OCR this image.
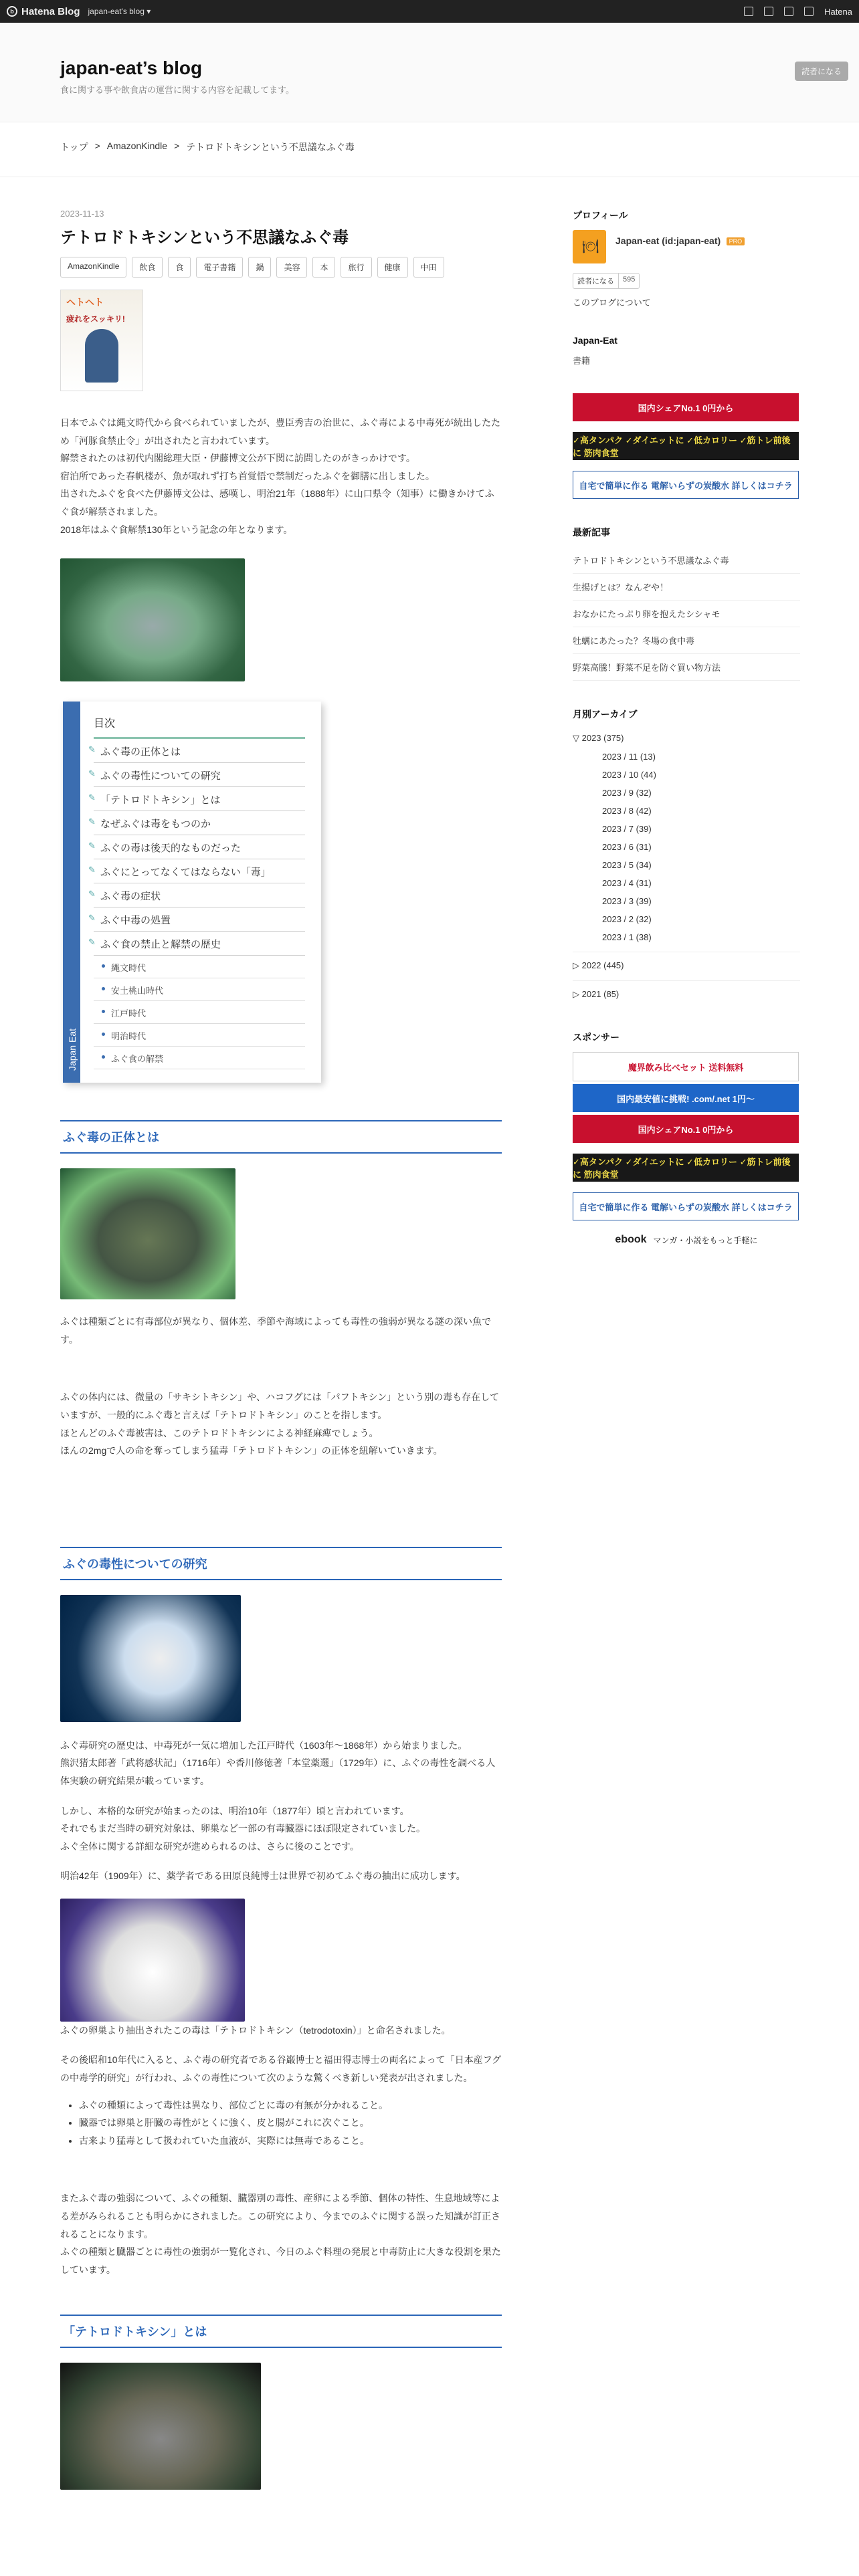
b Hatena Blog japan-eat's blog ▾	Hatena
japan-eat’s blog
食に関する事や飲食店の運営に関する内容を記載してます。
読者になる
トップ > AmazonKindle > テトロドトキシンという不思議なふぐ毒
2023-11-13
テトロドトキシンという不思議なふぐ毒
AmazonKindle	飲食	食	電子書籍	鍋	美容	本	旅行	健康	中田
ヘトヘト
疲れをスッキリ!

日本でふぐは縄文時代から食べられていましたが、豊臣秀吉の治世に、ふぐ毒による中毒死が続出したため「河豚食禁止令」が出されたと言われています。

解禁されたのは初代内閣総理大臣・伊藤博文公が下関に訪問したのがきっかけです。

宿泊所であった春帆楼が、魚が取れず打ち首覚悟で禁制だったふぐを御膳に出しました。

出されたふぐを食べた伊藤博文公は、感嘆し、明治21年（1888年）に山口県令（知事）に働きかけてふぐ食が解禁されました。

2018年はふぐ食解禁130年という記念の年となります。

Japan Eat
目次
✎ ふぐ毒の正体とは
✎ ふぐの毒性についての研究
✎ 「テトロドトキシン」とは
✎ なぜふぐは毒をもつのか
✎ ふぐの毒は後天的なものだった
✎ ふぐにとってなくてはならない「毒」
✎ ふぐ毒の症状
✎ ふぐ中毒の処置
✎ ふぐ食の禁止と解禁の歴史
縄文時代
安土桃山時代
江戸時代
明治時代
ふぐ食の解禁
ふぐ毒の正体とは

ふぐは種類ごとに有毒部位が異なり、個体差、季節や海域によっても毒性の強弱が異なる謎の深い魚です。

ふぐの体内には、微量の「サキシトキシン」や、ハコフグには「パフトキシン」という別の毒も存在していますが、一般的にふぐ毒と言えば「テトロドトキシン」のことを指します。

ほとんどのふぐ毒被害は、このテトロドトキシンによる神経麻痺でしょう。

ほんの2mgで人の命を奪ってしまう猛毒「テトロドトキシン」の正体を紐解いていきます。

ふぐの毒性についての研究

ふぐ毒研究の歴史は、中毒死が一気に増加した江戸時代（1603年〜1868年）から始まりました。

熊沢猪太郎著「武将感状記」（1716年）や香川修徳著「本堂薬選」（1729年）に、ふぐの毒性を調べる人体実験の研究結果が載っています。

しかし、本格的な研究が始まったのは、明治10年（1877年）頃と言われています。

それでもまだ当時の研究対象は、卵巣など一部の有毒臓器にほぼ限定されていました。

ふぐ全体に関する詳細な研究が進められるのは、さらに後のことです。

明治42年（1909年）に、薬学者である田原良純博士は世界で初めてふぐ毒の抽出に成功します。

ふぐの卵巣より抽出されたこの毒は「テトロドトキシン（tetrodotoxin）」と命名されました。

その後昭和10年代に入ると、ふぐ毒の研究者である谷巌博士と福田得志博士の両名によって「日本産フグの中毒学的研究」が行われ、ふぐの毒性について次のような驚くべき新しい発表が出されました。

• ふぐの種類によって毒性は異なり、部位ごとに毒の有無が分かれること。
• 臓器では卵巣と肝臓の毒性がとくに強く、皮と腸がこれに次ぐこと。
• 古来より猛毒として扱われていた血液が、実際には無毒であること。

またふぐ毒の強弱について、ふぐの種類、臓器別の毒性、産卵による季節、個体の特性、生息地域等による差がみられることも明らかにされました。この研究により、今までのふぐに関する誤った知識が訂正されることになります。

ふぐの種類と臓器ごとに毒性の強弱が一覧化され、今日のふぐ料理の発展と中毒防止に大きな役割を果たしています。

「テトロドトキシン」とは
プロフィール
🍽
Japan-eat (id:japan-eat) PRO
読者になる	595
このブログについて
Japan-Eat
書籍
国内シェアNo.1 0円から
✓高タンパク ✓ダイエットに ✓低カロリー ✓筋トレ前後に 筋肉食堂
自宅で簡単に作る 電解いらずの炭酸水 詳しくはコチラ
最新記事
テトロドトキシンという不思議なふぐ毒
生揚げとは？なんぞや！
おなかにたっぷり卵を抱えたシシャモ
牡蠣にあたった？冬場の食中毒
野菜高騰！野菜不足を防ぐ買い物方法
月別アーカイブ
▽ 2023 (375)
2023 / 11 (13)
2023 / 10 (44)
2023 / 9 (32)
2023 / 8 (42)
2023 / 7 (39)
2023 / 6 (31)
2023 / 5 (34)
2023 / 4 (31)
2023 / 3 (39)
2023 / 2 (32)
2023 / 1 (38)
▷ 2022 (445)
▷ 2021 (85)
スポンサー
魔界飲み比べセット 送料無料
国内最安値に挑戦! .com/.net 1円〜
国内シェアNo.1 0円から
✓高タンパク ✓ダイエットに ✓低カロリー ✓筋トレ前後に 筋肉食堂
自宅で簡単に作る 電解いらずの炭酸水 詳しくはコチラ
ebook マンガ・小説をもっと手軽に
